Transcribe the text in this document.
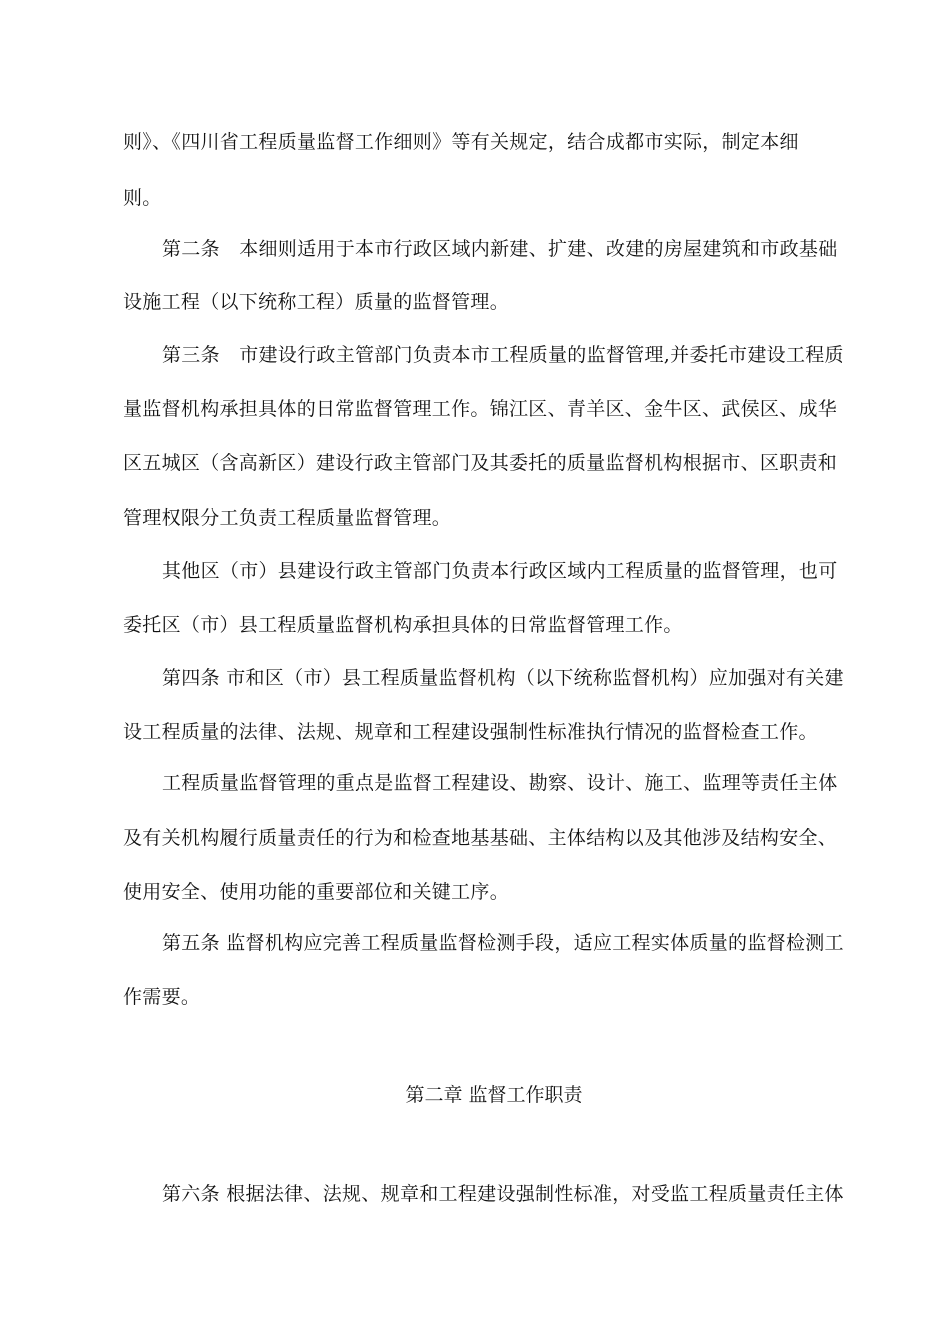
则》、《四川省工程质量监督工作细则》等有关规定，结合成都市实际，制定本细
则。
第二条　本细则适用于本市行政区域内新建、扩建、改建的房屋建筑和市政基础
设施工程（以下统称工程）质量的监督管理。
第三条　市建设行政主管部门负责本市工程质量的监督管理,并委托市建设工程质
量监督机构承担具体的日常监督管理工作。锦江区、青羊区、金牛区、武侯区、成华
区五城区（含高新区）建设行政主管部门及其委托的质量监督机构根据市、区职责和
管理权限分工负责工程质量监督管理。
其他区（市）县建设行政主管部门负责本行政区域内工程质量的监督管理，也可
委托区（市）县工程质量监督机构承担具体的日常监督管理工作。
第四条 市和区（市）县工程质量监督机构（以下统称监督机构）应加强对有关建
设工程质量的法律、法规、规章和工程建设强制性标准执行情况的监督检查工作。
工程质量监督管理的重点是监督工程建设、勘察、设计、施工、监理等责任主体
及有关机构履行质量责任的行为和检查地基基础、主体结构以及其他涉及结构安全、
使用安全、使用功能的重要部位和关键工序。
第五条 监督机构应完善工程质量监督检测手段，适应工程实体质量的监督检测工
作需要。
第二章 监督工作职责
第六条 根据法律、法规、规章和工程建设强制性标准，对受监工程质量责任主体
